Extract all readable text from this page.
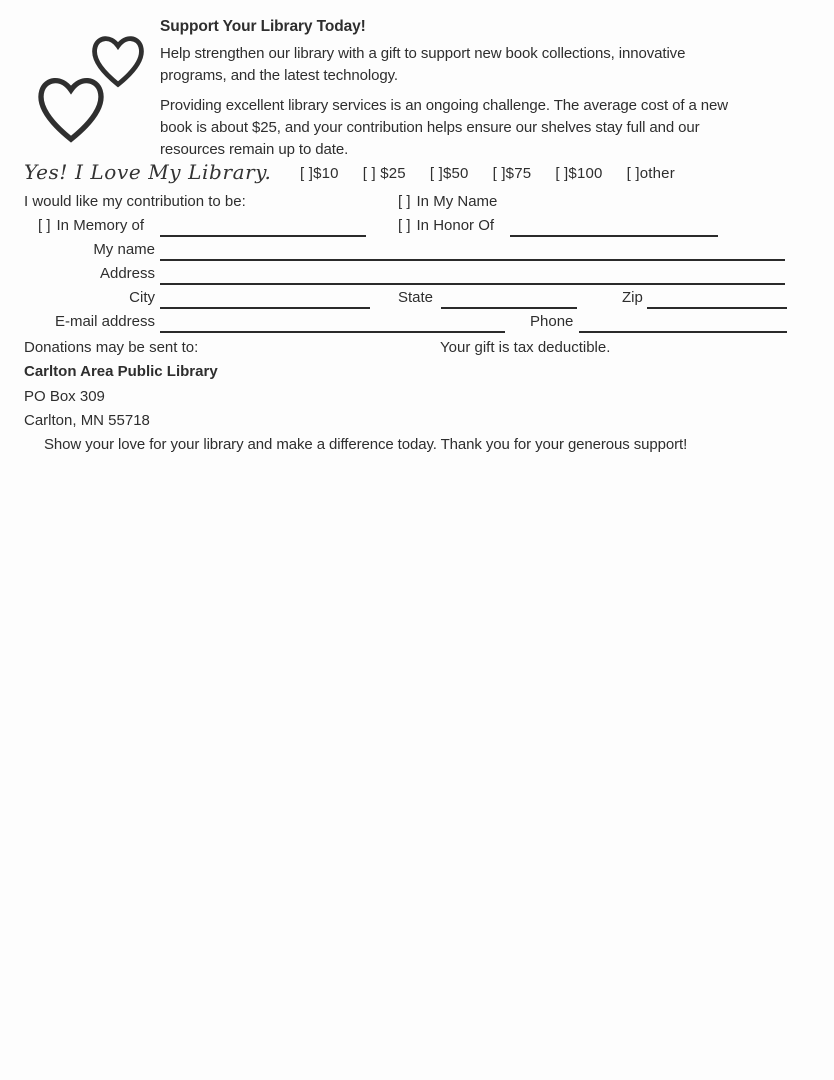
Support Your Library Today!
Help strengthen our library with a gift to support new book collections, innovative
programs, and the latest technology.
Providing excellent library services is an ongoing challenge. The average cost of a new
book is about $25, and your contribution helps ensure our shelves stay full and our
resources remain up to date.
Yes! I Love My Library. [ ]$10 [ ] $25 [ ]$50 [ ]$75 [ ]$100 [ ]other
I would like my contribution to be:	[ ] In My Name
[ ] In Memory of	[ ] In Honor Of
My name
Address
City	State	Zip
E-mail address	Phone
Donations may be sent to:	Your gift is tax deductible.
Carlton Area Public Library
PO Box 309
Carlton, MN 55718
Show your love for your library and make a difference today. Thank you for your generous support!
